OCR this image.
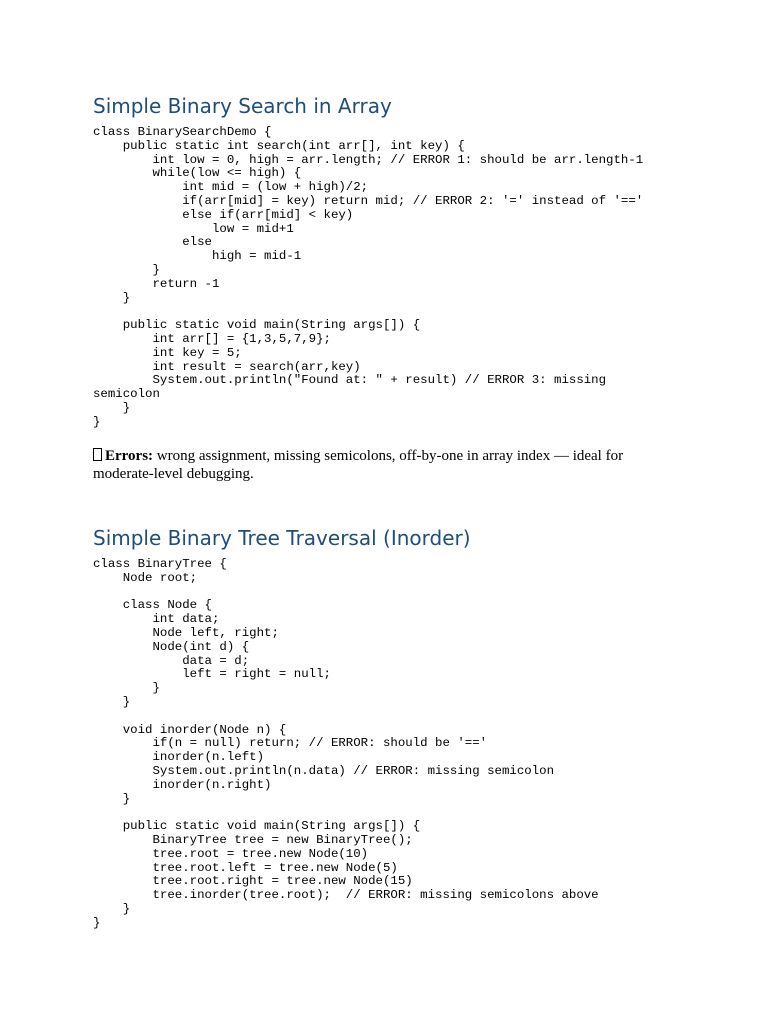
Simple Binary Search in Array
class BinarySearchDemo {
public static int search(int arr[], int key) {
int low = 0, high = arr.length; // ERROR 1: should be arr.length-1
while(low <= high) {
int mid = (low + high)/2;
if(arr[mid] = key) return mid; // ERROR 2: '=' instead of '=='
else if(arr[mid] < key)
low = mid+1
else
high = mid-1
}
return -1
}

public static void main(String args[]) {
int arr[] = {1,3,5,7,9};
int key = 5;
int result = search(arr,key)
System.out.println("Found at: " + result) // ERROR 3: missing
semicolon
}
}

Errors: wrong assignment, missing semicolons, off-by-one in array index — ideal for moderate-level debugging.

Simple Binary Tree Traversal (Inorder)
class BinaryTree {
Node root;

class Node {
int data;
Node left, right;
Node(int d) {
data = d;
left = right = null;
}
}

void inorder(Node n) {
if(n = null) return; // ERROR: should be '=='
inorder(n.left)
System.out.println(n.data) // ERROR: missing semicolon
inorder(n.right)
}

public static void main(String args[]) {
BinaryTree tree = new BinaryTree();
tree.root = tree.new Node(10)
tree.root.left = tree.new Node(5)
tree.root.right = tree.new Node(15)
tree.inorder(tree.root);  // ERROR: missing semicolons above
}
}
